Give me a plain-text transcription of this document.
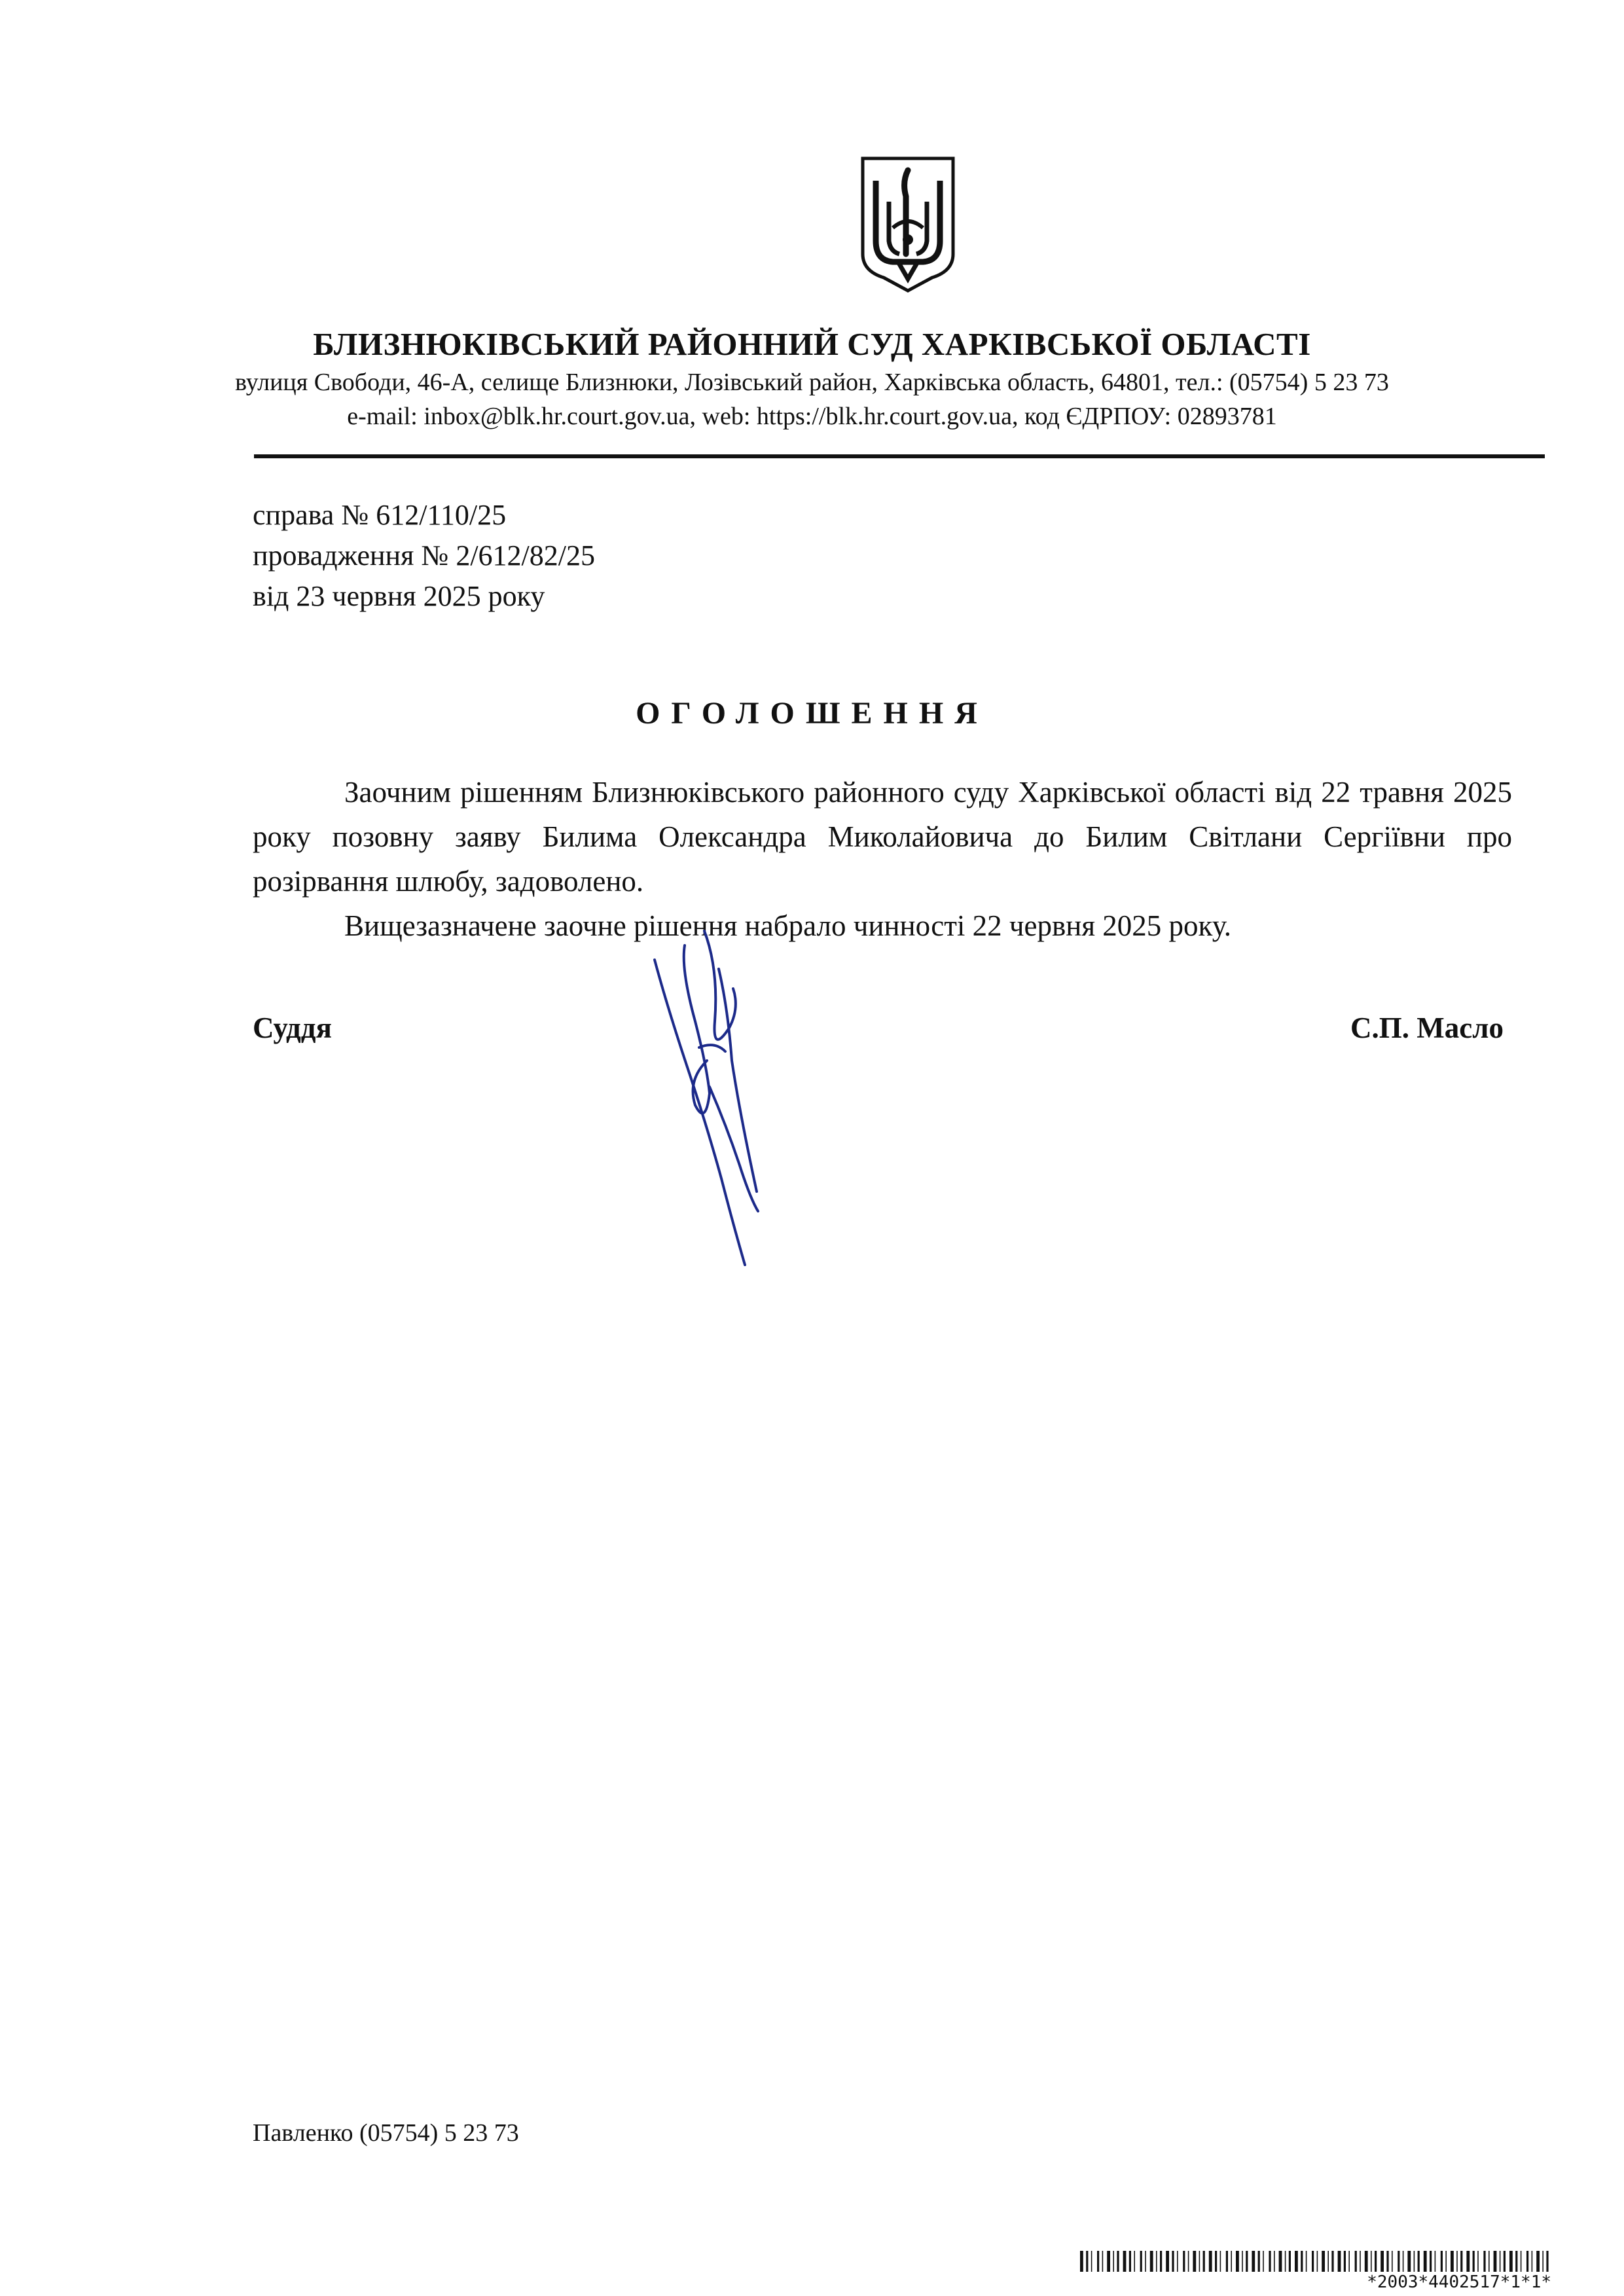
БЛИЗНЮКІВСЬКИЙ РАЙОННИЙ СУД ХАРКІВСЬКОЇ ОБЛАСТІ
вулиця Свободи, 46-А, селище Близнюки, Лозівський район, Харківська область, 64801, тел.: (05754) 5 23 73
e-mail: inbox@blk.hr.court.gov.ua, web: https://blk.hr.court.gov.ua, код ЄДРПОУ: 02893781
справа № 612/110/25
провадження № 2/612/82/25
від 23 червня 2025 року
ОГОЛОШЕННЯ

Заочним рішенням Близнюківського районного суду Харківської області від 22 травня 2025 року позовну заяву Билима Олександра Миколайовича до Билим Світлани Сергіївни про розірвання шлюбу, задоволено.

Вищезазначене заочне рішення набрало чинності 22 червня 2025 року.

Суддя	С.П. Масло
Павленко (05754) 5 23 73
*2003*4402517*1*1*
